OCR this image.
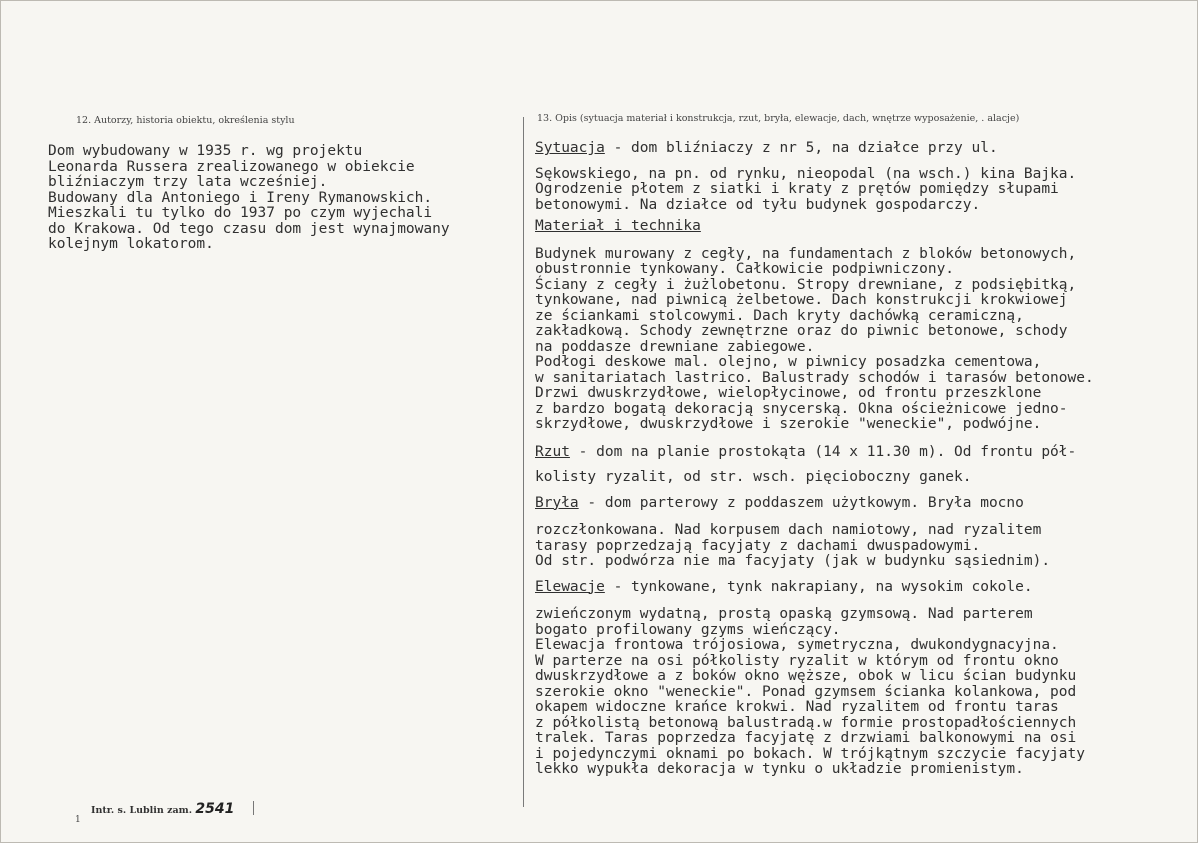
12. Autorzy, historia obiektu, określenia stylu	13. Opis (sytuacja materiał i konstrukcja, rzut, bryła, elewacje, dach, wnętrze wyposażenie, . alacje)
Dom wybudowany w 1935 r. wg projektu
Leonarda Russera zrealizowanego w obiekcie
bliźniaczym trzy lata wcześniej.
Budowany dla Antoniego i Ireny Rymanowskich.
Mieszkali tu tylko do 1937 po czym wyjechali
do Krakowa. Od tego czasu dom jest wynajmowany
kolejnym lokatorom.
Sytuacja - dom bliźniaczy z nr 5, na działce przy ul.
Sękowskiego, na pn. od rynku, nieopodal (na wsch.) kina Bajka.
Ogrodzenie płotem z siatki i kraty z prętów pomiędzy słupami
betonowymi. Na działce od tyłu budynek gospodarczy.
Materiał i technika
Budynek murowany z cegły, na fundamentach z bloków betonowych,
obustronnie tynkowany. Całkowicie podpiwniczony.
Ściany z cegły i żużlobetonu. Stropy drewniane, z podsiębitką,
tynkowane, nad piwnicą żelbetowe. Dach konstrukcji krokwiowej
ze ściankami stolcowymi. Dach kryty dachówką ceramiczną,
zakładkową. Schody zewnętrzne oraz do piwnic betonowe, schody
na poddasze drewniane zabiegowe.
Podłogi deskowe mal. olejno, w piwnicy posadzka cementowa,
w sanitariatach lastrico. Balustrady schodów i tarasów betonowe.
Drzwi dwuskrzydłowe, wielopłycinowe, od frontu przeszklone
z bardzo bogatą dekoracją snycerską. Okna ościeżnicowe jedno-
skrzydłowe, dwuskrzydłowe i szerokie "weneckie", podwójne.
Rzut - dom na planie prostokąta (14 x 11.30 m). Od frontu pół-
kolisty ryzalit, od str. wsch. pięcioboczny ganek.
Bryła - dom parterowy z poddaszem użytkowym. Bryła mocno
rozczłonkowana. Nad korpusem dach namiotowy, nad ryzalitem
tarasy poprzedzają facyjaty z dachami dwuspadowymi.
Od str. podwórza nie ma facyjaty (jak w budynku sąsiednim).
Elewacje - tynkowane, tynk nakrapiany, na wysokim cokole.
zwieńczonym wydatną, prostą opaską gzymsową. Nad parterem
bogato profilowany gzyms wieńczący.
Elewacja frontowa trójosiowa, symetryczna, dwukondygnacyjna.
W parterze na osi półkolisty ryzalit w którym od frontu okno
dwuskrzydłowe a z boków okno węższe, obok w licu ścian budynku
szerokie okno "weneckie". Ponad gzymsem ścianka kolankowa, pod
okapem widoczne krańce krokwi. Nad ryzalitem od frontu taras
z półkolistą betonową balustradą.w formie prostopadłościennych
tralek. Taras poprzedza facyjatę z drzwiami balkonowymi na osi
i pojedynczymi oknami po bokach. W trójkątnym szczycie facyjaty
lekko wypukła dekoracja w tynku o układzie promienistym.
Intr. s. Lublin zam. 2541
1
